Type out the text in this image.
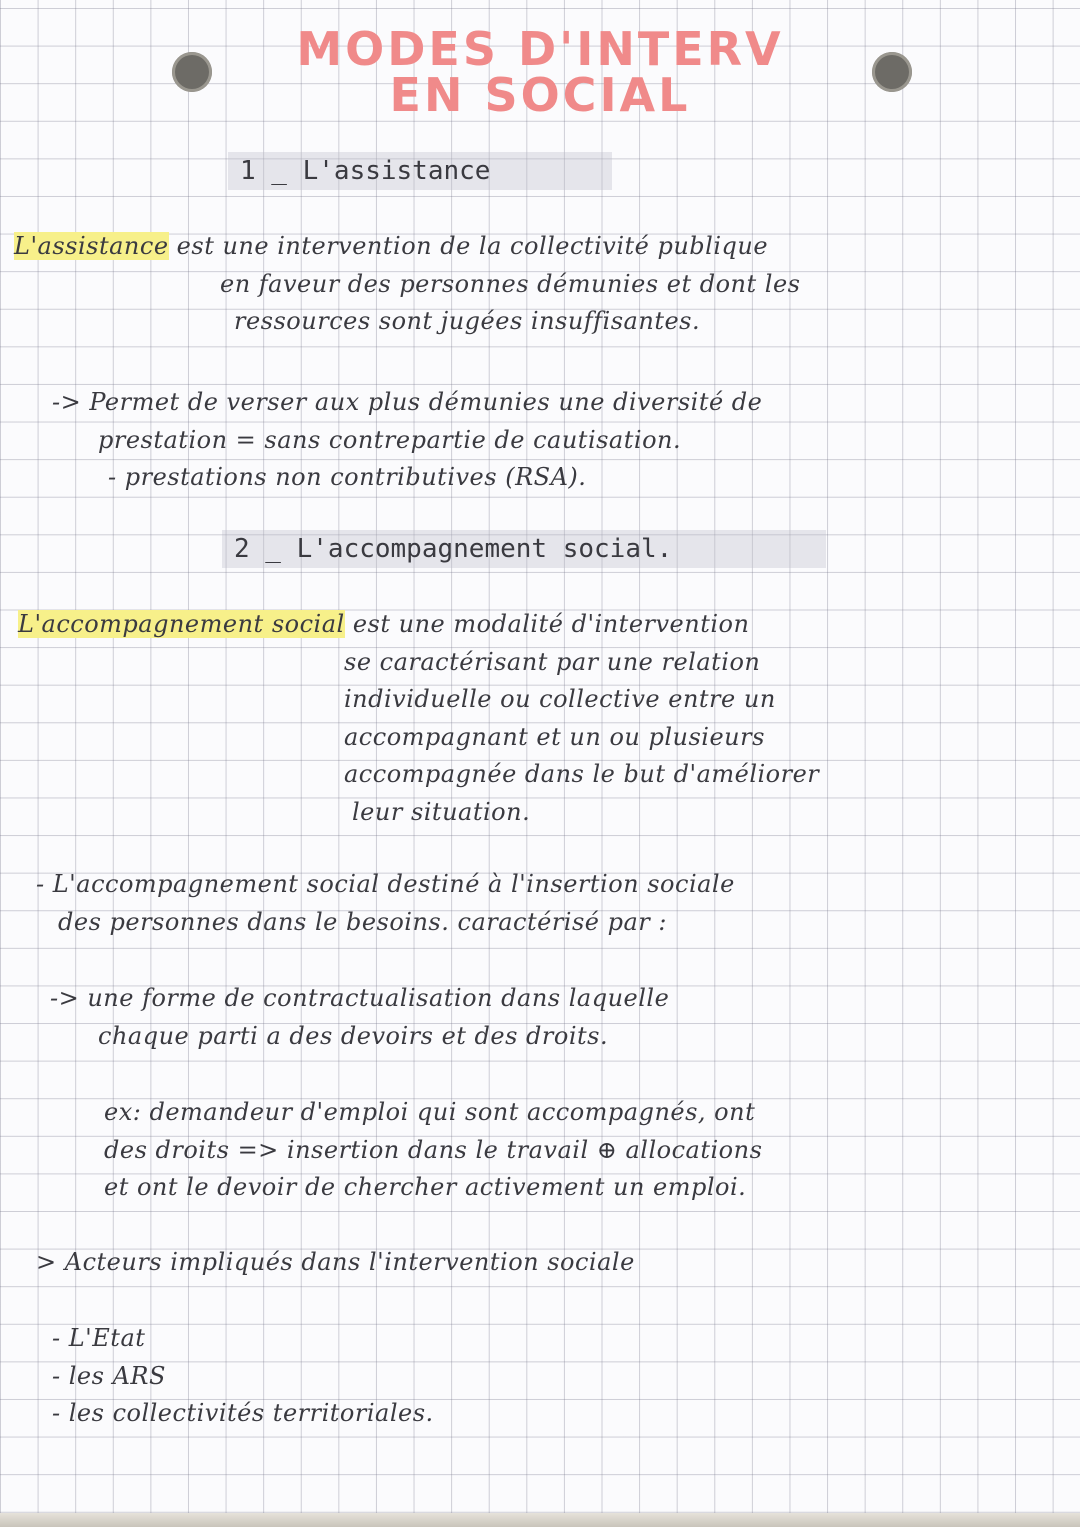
MODES D'INTERV
EN SOCIAL
1 _ L'assistance
L'assistance est une intervention de la collectivité publique
en faveur des personnes démunies et dont les
ressources sont jugées insuffisantes.
-> Permet de verser aux plus démunies une diversité de
prestation = sans contrepartie de cautisation.
- prestations non contributives (RSA).
2 _ L'accompagnement social.
L'accompagnement social est une modalité d'intervention
se caractérisant par une relation
individuelle ou collective entre un
accompagnant et un ou plusieurs
accompagnée dans le but d'améliorer
leur situation.
- L'accompagnement social destiné à l'insertion sociale
des personnes dans le besoins. caractérisé par :
-> une forme de contractualisation dans laquelle
chaque parti a des devoirs et des droits.
ex: demandeur d'emploi qui sont accompagnés, ont
des droits => insertion dans le travail ⊕ allocations
et ont le devoir de chercher activement un emploi.
> Acteurs impliqués dans l'intervention sociale
- L'Etat
- les ARS
- les collectivités territoriales.
